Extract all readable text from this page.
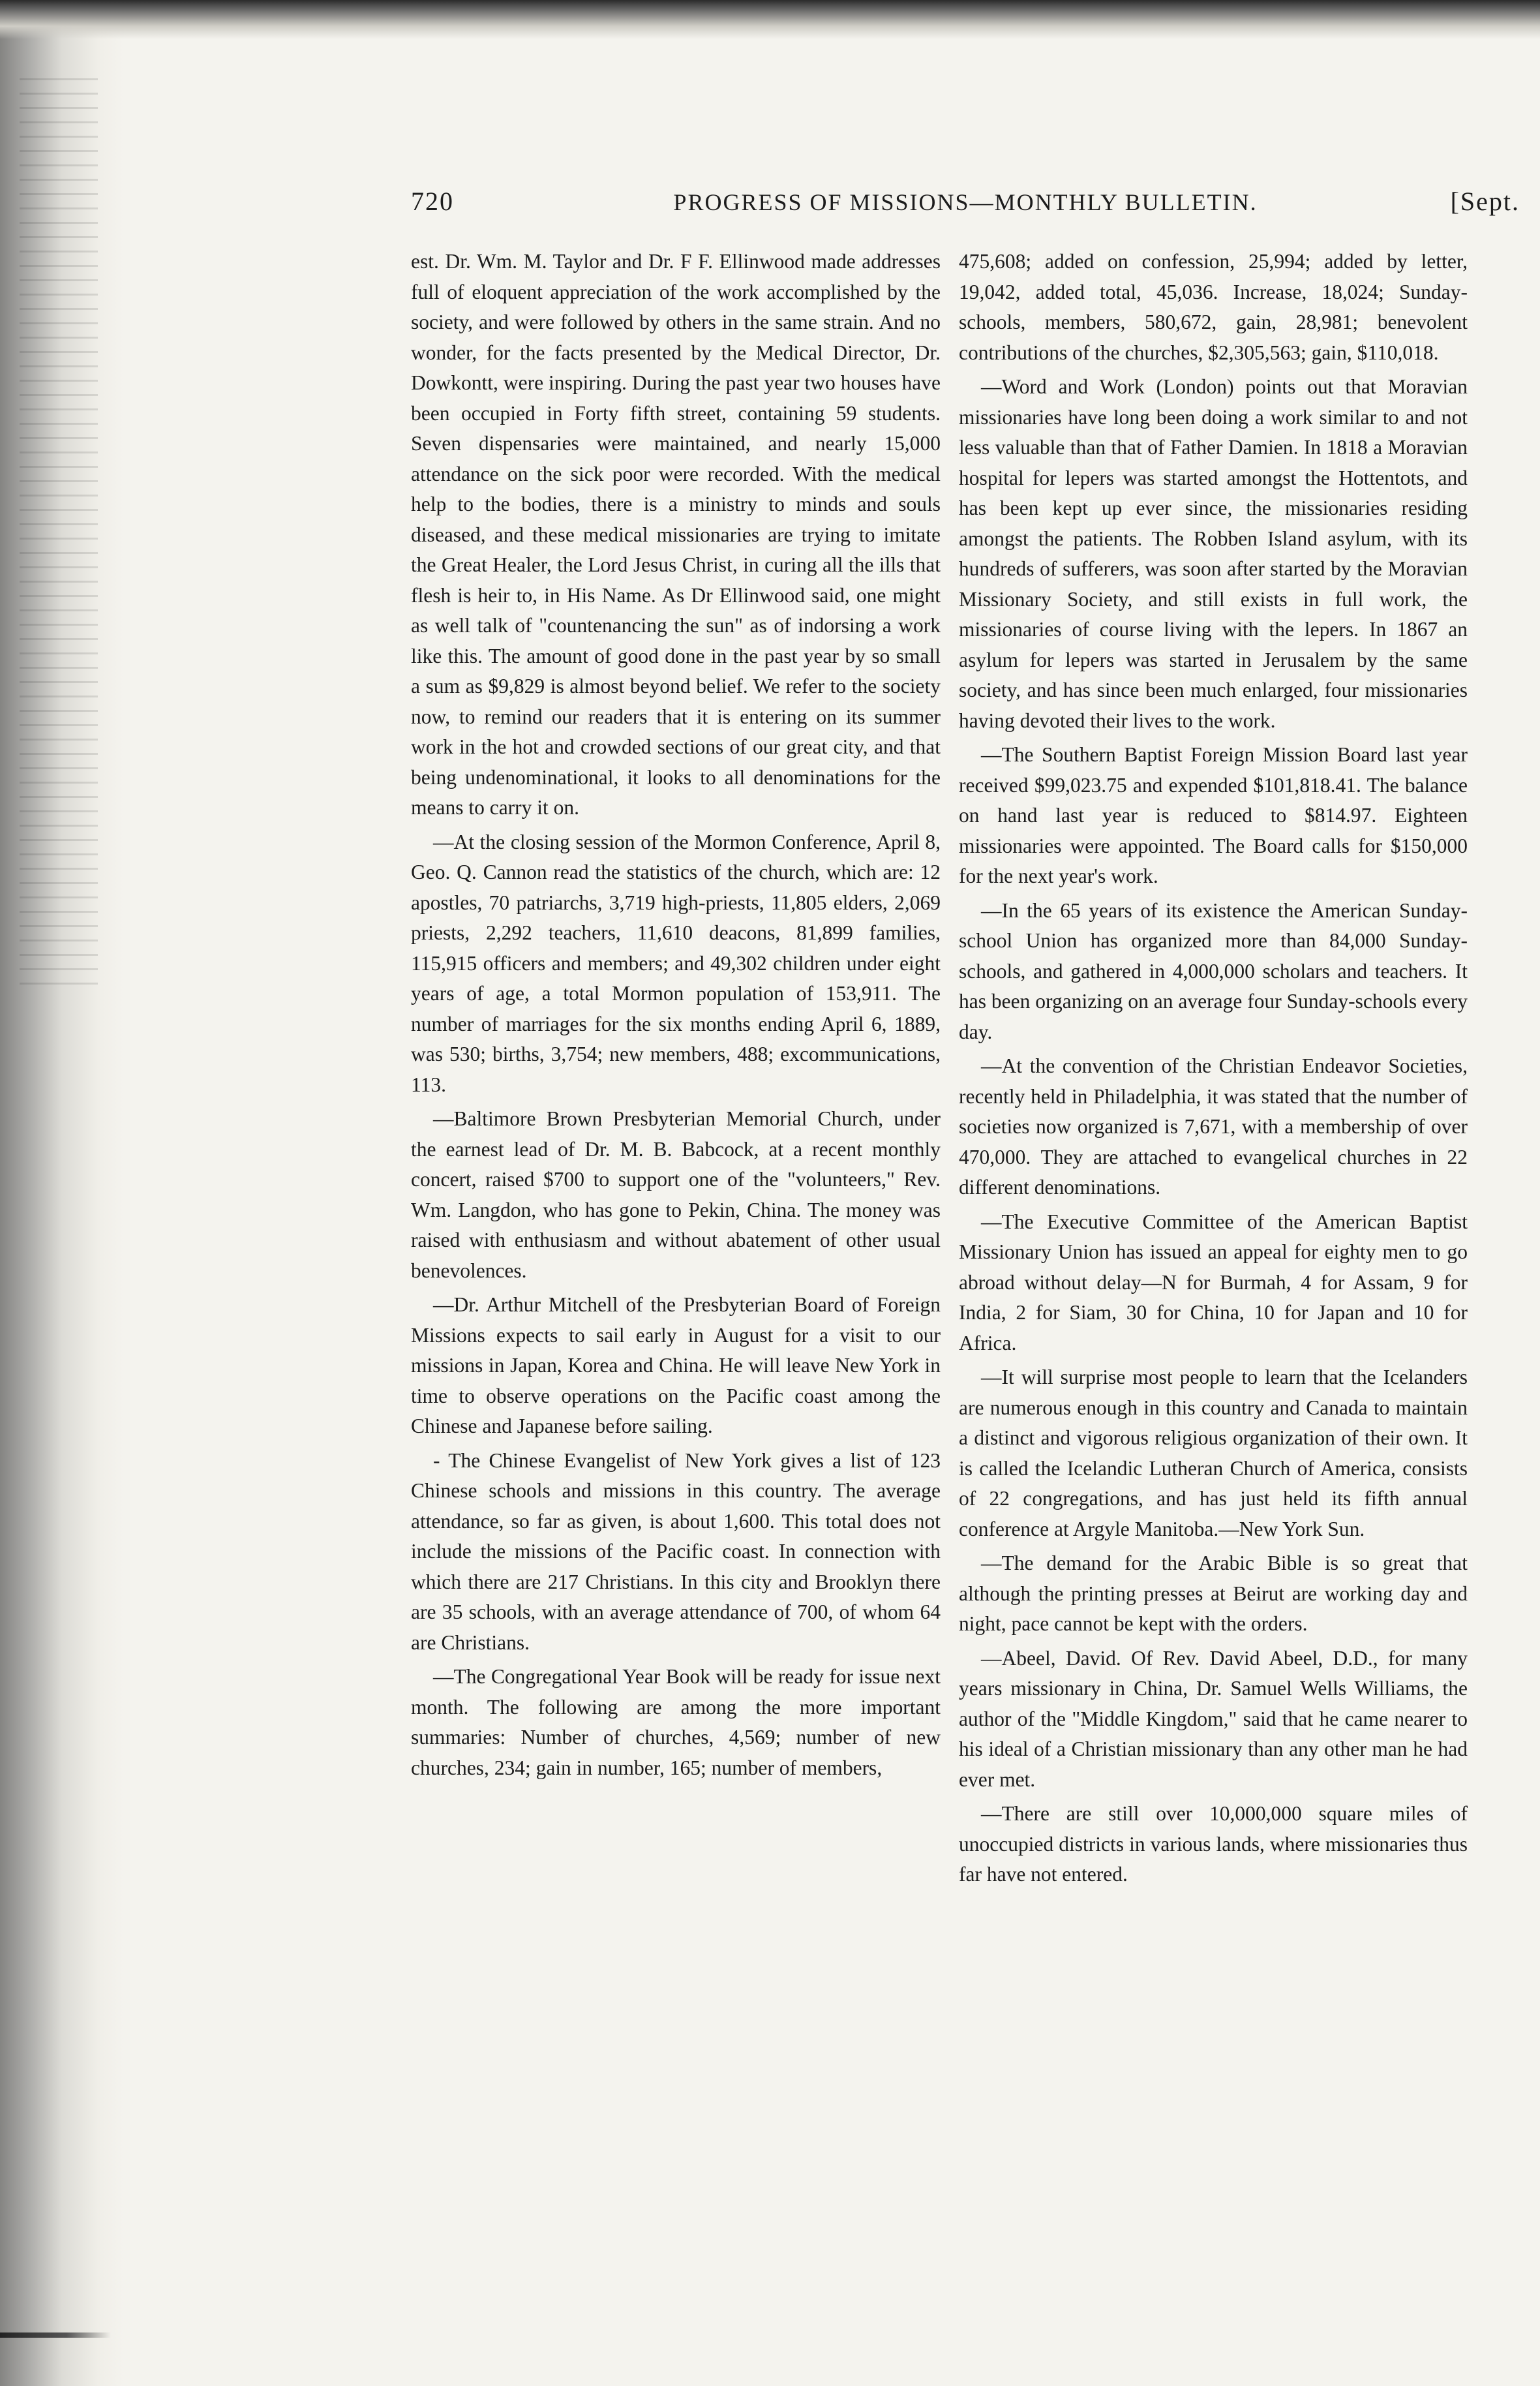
720	PROGRESS OF MISSIONS—MONTHLY BULLETIN.	[Sept.

est. Dr. Wm. M. Taylor and Dr. F F. Ellinwood made addresses full of eloquent appreciation of the work accomplished by the society, and were followed by others in the same strain. And no wonder, for the facts presented by the Medical Director, Dr. Dowkontt, were inspiring. During the past year two houses have been occupied in Forty fifth street, containing 59 students. Seven dispensaries were maintained, and nearly 15,000 attendance on the sick poor were recorded. With the medical help to the bodies, there is a ministry to minds and souls diseased, and these medical missionaries are trying to imitate the Great Healer, the Lord Jesus Christ, in curing all the ills that flesh is heir to, in His Name. As Dr Ellinwood said, one might as well talk of "countenancing the sun" as of indorsing a work like this. The amount of good done in the past year by so small a sum as $9,829 is almost beyond belief. We refer to the society now, to remind our readers that it is entering on its summer work in the hot and crowded sections of our great city, and that being undenominational, it looks to all denominations for the means to carry it on.

—At the closing session of the Mormon Conference, April 8, Geo. Q. Cannon read the statistics of the church, which are: 12 apostles, 70 patriarchs, 3,719 high-priests, 11,805 elders, 2,069 priests, 2,292 teachers, 11,610 deacons, 81,899 families, 115,915 officers and members; and 49,302 children under eight years of age, a total Mormon population of 153,911. The number of marriages for the six months ending April 6, 1889, was 530; births, 3,754; new members, 488; excommunications, 113.

—Baltimore Brown Presbyterian Memorial Church, under the earnest lead of Dr. M. B. Babcock, at a recent monthly concert, raised $700 to support one of the "volunteers," Rev. Wm. Langdon, who has gone to Pekin, China. The money was raised with enthusiasm and without abatement of other usual benevolences.

—Dr. Arthur Mitchell of the Presbyterian Board of Foreign Missions expects to sail early in August for a visit to our missions in Japan, Korea and China. He will leave New York in time to observe operations on the Pacific coast among the Chinese and Japanese before sailing.

- The Chinese Evangelist of New York gives a list of 123 Chinese schools and missions in this country. The average attendance, so far as given, is about 1,600. This total does not include the missions of the Pacific coast. In connection with which there are 217 Christians. In this city and Brooklyn there are 35 schools, with an average attendance of 700, of whom 64 are Christians.

—The Congregational Year Book will be ready for issue next month. The following are among the more important summaries: Number of churches, 4,569; number of new churches, 234; gain in number, 165; number of members,

475,608; added on confession, 25,994; added by letter, 19,042, added total, 45,036. Increase, 18,024; Sunday-schools, members, 580,672, gain, 28,981; benevolent contributions of the churches, $2,305,563; gain, $110,018.

—Word and Work (London) points out that Moravian missionaries have long been doing a work similar to and not less valuable than that of Father Damien. In 1818 a Moravian hospital for lepers was started amongst the Hottentots, and has been kept up ever since, the missionaries residing amongst the patients. The Robben Island asylum, with its hundreds of sufferers, was soon after started by the Moravian Missionary Society, and still exists in full work, the missionaries of course living with the lepers. In 1867 an asylum for lepers was started in Jerusalem by the same society, and has since been much enlarged, four missionaries having devoted their lives to the work.

—The Southern Baptist Foreign Mission Board last year received $99,023.75 and expended $101,818.41. The balance on hand last year is reduced to $814.97. Eighteen missionaries were appointed. The Board calls for $150,000 for the next year's work.

—In the 65 years of its existence the American Sunday-school Union has organized more than 84,000 Sunday-schools, and gathered in 4,000,000 scholars and teachers. It has been organizing on an average four Sunday-schools every day.

—At the convention of the Christian Endeavor Societies, recently held in Philadelphia, it was stated that the number of societies now organized is 7,671, with a membership of over 470,000. They are attached to evangelical churches in 22 different denominations.

—The Executive Committee of the American Baptist Missionary Union has issued an appeal for eighty men to go abroad without delay—N for Burmah, 4 for Assam, 9 for India, 2 for Siam, 30 for China, 10 for Japan and 10 for Africa.

—It will surprise most people to learn that the Icelanders are numerous enough in this country and Canada to maintain a distinct and vigorous religious organization of their own. It is called the Icelandic Lutheran Church of America, consists of 22 congregations, and has just held its fifth annual conference at Argyle Manitoba.—New York Sun.

—The demand for the Arabic Bible is so great that although the printing presses at Beirut are working day and night, pace cannot be kept with the orders.

—Abeel, David. Of Rev. David Abeel, D.D., for many years missionary in China, Dr. Samuel Wells Williams, the author of the "Middle Kingdom," said that he came nearer to his ideal of a Christian missionary than any other man he had ever met.

—There are still over 10,000,000 square miles of unoccupied districts in various lands, where missionaries thus far have not entered.
